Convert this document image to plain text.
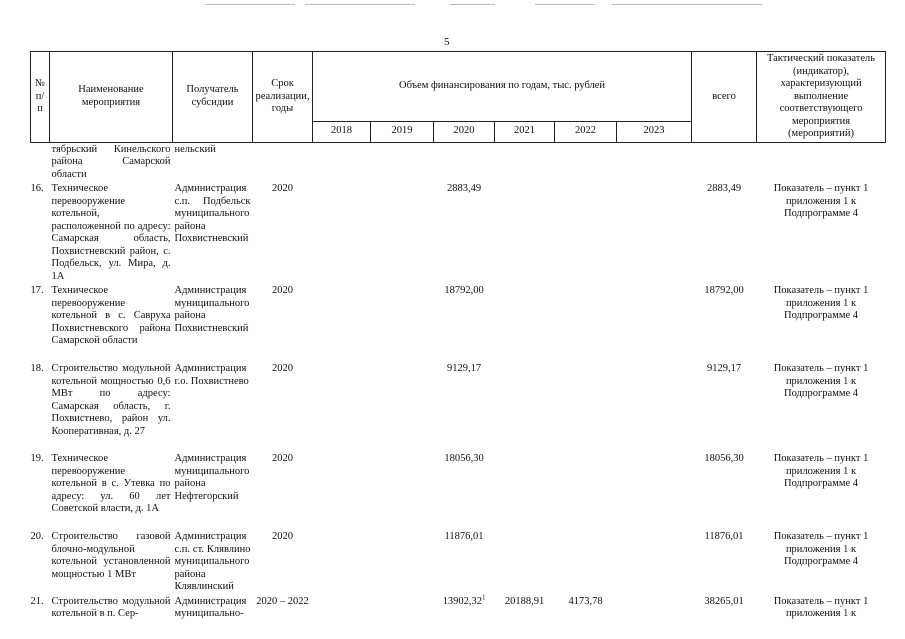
5
№ п/п	Наименование мероприятия	Получатель субсидии	Срок реализации, годы	Объем финансирования по годам, тыс. рублей						всего	Тактический показатель (индикатор), характеризующий выполнение соответствующего мероприятия (мероприятий)
				2018	2019	2020	2021	2022	2023		
	тябрьский Кинельского района Самарской области	нельский									
16.	Техническое перевооружение котельной, расположенной по адресу: Самарская область, Похвистневский район, с. Подбельск, ул. Мира, д. 1А	Администрация с.п. Подбельск муниципального района Похвистневский	2020			2883,49				2883,49	Показатель – пункт 1 приложения 1 к Подпрограмме 4
17.	Техническое перевооружение котельной в с. Савруха Похвистневского района Самарской области	Администрация муниципального района Похвистневский	2020			18792,00				18792,00	Показатель – пункт 1 приложения 1 к Подпрограмме 4
18.	Строительство модульной котельной мощностью 0,6 МВт по адресу: Самарская область, г. Похвистнево, район ул. Кооперативная, д. 27	Администрация г.о. Похвистнево	2020			9129,17				9129,17	Показатель – пункт 1 приложения 1 к Подпрограмме 4
19.	Техническое перевооружение котельной в с. Утевка по адресу: ул. 60 лет Советской власти, д. 1А	Администрация муниципального района Нефтегорский	2020			18056,30				18056,30	Показатель – пункт 1 приложения 1 к Подпрограмме 4
20.	Строительство газовой блочно-модульной котельной установленной мощностью 1 МВт	Администрация с.п. ст. Клявлино муниципального района Клявлинский	2020			11876,01				11876,01	Показатель – пункт 1 приложения 1 к Подпрограмме 4
21.	Строительство модульной котельной в п. Сер-	Администрация муниципально-	2020 – 2022			13902,32$^1$	20188,91	4173,78		38265,01	Показатель – пункт 1 приложения 1 к
